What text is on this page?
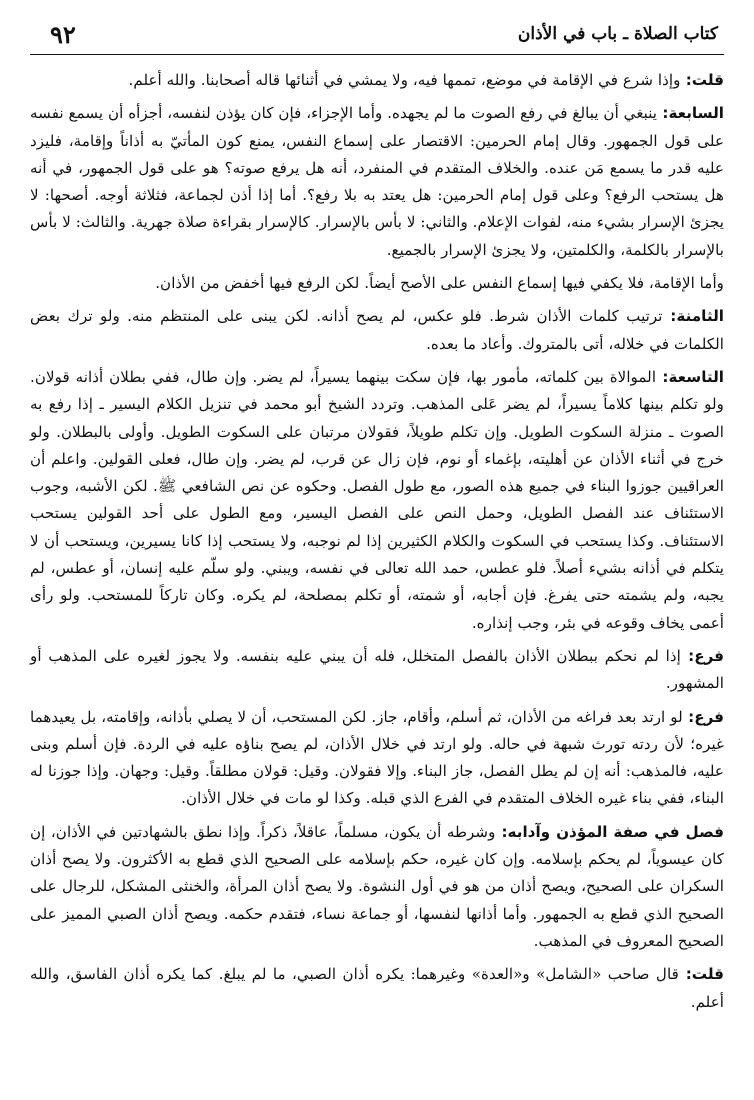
٩٢	كتاب الصلاة ـ باب في الأذان

قلت: وإذا شرع في الإقامة في موضع، تممها فيه، ولا يمشي في أثنائها قاله أصحابنا. والله أعلم.

السابعة: ينبغي أن يبالغ في رفع الصوت ما لم يجهده. وأما الإجزاء، فإن كان يؤذن لنفسه، أجزأه أن يسمع نفسه على قول الجمهور. وقال إمام الحرمين: الاقتصار على إسماع النفس، يمنع كون المأتيّ به أذاناً وإقامة، فليزد عليه قدر ما يسمع مَن عنده. والخلاف المتقدم في المنفرد، أنه هل يرفع صوته؟ هو على قول الجمهور، في أنه هل يستحب الرفع؟ وعلى قول إمام الحرمين: هل يعتد به بلا رفع؟. أما إذا أذن لجماعة، فثلاثة أوجه. أصحها: لا يجزئ الإسرار بشيء منه، لفوات الإعلام. والثاني: لا بأس بالإسرار. كالإسرار بقراءة صلاة جهرية. والثالث: لا بأس بالإسرار بالكلمة، والكلمتين، ولا يجزئ الإسرار بالجميع.

وأما الإقامة، فلا يكفي فيها إسماع النفس على الأصح أيضاً. لكن الرفع فيها أخفض من الأذان.

الثامنة: ترتيب كلمات الأذان شرط. فلو عكس، لم يصح أذانه. لكن يبنى على المنتظم منه. ولو ترك بعض الكلمات في خلاله، أتى بالمتروك. وأعاد ما بعده.

التاسعة: الموالاة بين كلماته، مأمور بها، فإن سكت بينهما يسيراً، لم يضر. وإن طال، ففي بطلان أذانه قولان. ولو تكلم بينها كلاماً يسيراً، لم يضر عَلى المذهب. وتردد الشيخ أبو محمد في تنزيل الكلام اليسير ـ إذا رفع به الصوت ـ منزلة السكوت الطويل. وإن تكلم طويلاً، فقولان مرتبان على السكوت الطويل. وأولى بالبطلان. ولو خرج في أثناء الأذان عن أهليته، بإغماء أو نوم، فإن زال عن قرب، لم يضر. وإن طال، فعلى القولين. واعلم أن العراقيين جوزوا البناء في جميع هذه الصور، مع طول الفصل. وحكوه عن نص الشافعي ﷺ. لكن الأشبه، وجوب الاستئناف عند الفصل الطويل، وحمل النص على الفصل اليسير، ومع الطول على أحد القولين يستحب الاستئناف. وكذا يستحب في السكوت والكلام الكثيرين إذا لم نوجبه، ولا يستحب إذا كانا يسيرين، ويستحب أن لا يتكلم في أذانه بشيء أصلاً. فلو عطس، حمد الله تعالى في نفسه، ويبني. ولو سلّم عليه إنسان، أو عطس، لم يجبه، ولم يشمته حتى يفرغ. فإن أجابه، أو شمته، أو تكلم بمصلحة، لم يكره. وكان تاركاً للمستحب. ولو رأى أعمى يخاف وقوعه في بئر، وجب إنذاره.

فرع: إذا لم نحكم ببطلان الأذان بالفصل المتخلل، فله أن يبني عليه بنفسه. ولا يجوز لغيره على المذهب أو المشهور.

فرع: لو ارتد بعد فراغه من الأذان، ثم أسلم، وأقام، جاز. لكن المستحب، أن لا يصلي بأذانه، وإقامته، بل يعيدهما غيره؛ لأن ردته تورث شبهة في حاله. ولو ارتد في خلال الأذان، لم يصح بناؤه عليه في الردة. فإن أسلم وبنى عليه، فالمذهب: أنه إن لم يطل الفصل، جاز البناء. وإلا فقولان. وقيل: قولان مطلقاً. وقيل: وجهان. وإذا جوزنا له البناء، ففي بناء غيره الخلاف المتقدم في الفرع الذي قبله. وكذا لو مات في خلال الأذان.

فصل في صفة المؤذن وآدابه: وشرطه أن يكون، مسلماً، عاقلاً، ذكراً. وإذا نطق بالشهادتين في الأذان، إن كان عيسوياً، لم يحكم بإسلامه. وإن كان غيره، حكم بإسلامه على الصحيح الذي قطع به الأكثرون. ولا يصح أذان السكران على الصحيح، ويصح أذان من هو في أول النشوة. ولا يصح أذان المرأة، والخنثى المشكل، للرجال على الصحيح الذي قطع به الجمهور. وأما أذانها لنفسها، أو جماعة نساء، فتقدم حكمه. ويصح أذان الصبي المميز على الصحيح المعروف في المذهب.

قلت: قال صاحب «الشامل» و«العدة» وغيرهما: يكره أذان الصبي، ما لم يبلغ. كما يكره أذان الفاسق، والله أعلم.
